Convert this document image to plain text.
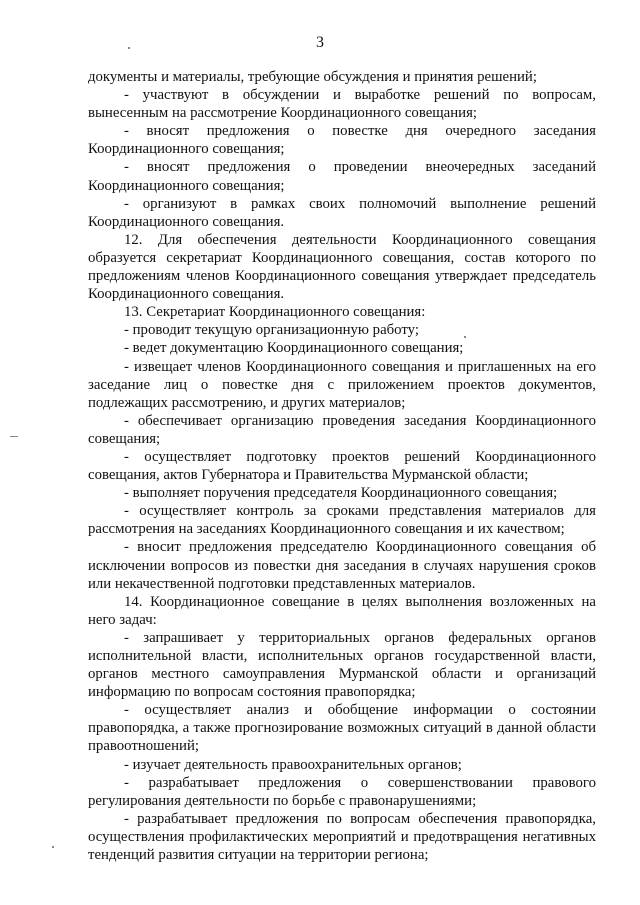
3

документы и материалы, требующие обсуждения и принятия решений;

- участвуют в обсуждении и выработке решений по вопросам, вынесенным на рассмотрение Координационного совещания;

- вносят предложения о повестке дня очередного заседания Координационного совещания;

- вносят предложения о проведении внеочередных заседаний Координационного совещания;

- организуют в рамках своих полномочий выполнение решений Координационного совещания.

12. Для обеспечения деятельности Координационного совещания образуется секретариат Координационного совещания, состав которого по предложениям членов Координационного совещания утверждает председатель Координационного совещания.

13. Секретариат Координационного совещания:

- проводит текущую организационную работу;

- ведет документацию Координационного совещания;

- извещает членов Координационного совещания и приглашенных на его заседание лиц о повестке дня с приложением проектов документов, подлежащих рассмотрению, и других материалов;

- обеспечивает организацию проведения заседания Координационного совещания;

- осуществляет подготовку проектов решений Координационного совещания, актов Губернатора и Правительства Мурманской области;

- выполняет поручения председателя Координационного совещания;

- осуществляет контроль за сроками представления материалов для рассмотрения на заседаниях Координационного совещания и их качеством;

- вносит предложения председателю Координационного совещания об исключении вопросов из повестки дня заседания в случаях нарушения сроков или некачественной подготовки представленных материалов.

14. Координационное совещание в целях выполнения возложенных на него задач:

- запрашивает у территориальных органов федеральных органов исполнительной власти, исполнительных органов государственной власти, органов местного самоуправления Мурманской области и организаций информацию по вопросам состояния правопорядка;

- осуществляет анализ и обобщение информации о состоянии правопорядка, а также прогнозирование возможных ситуаций в данной области правоотношений;

- изучает деятельность правоохранительных органов;

- разрабатывает предложения о совершенствовании правового регулирования деятельности по борьбе с правонарушениями;

- разрабатывает предложения по вопросам обеспечения правопорядка, осуществления профилактических мероприятий и предотвращения негативных тенденций развития ситуации на территории региона;
